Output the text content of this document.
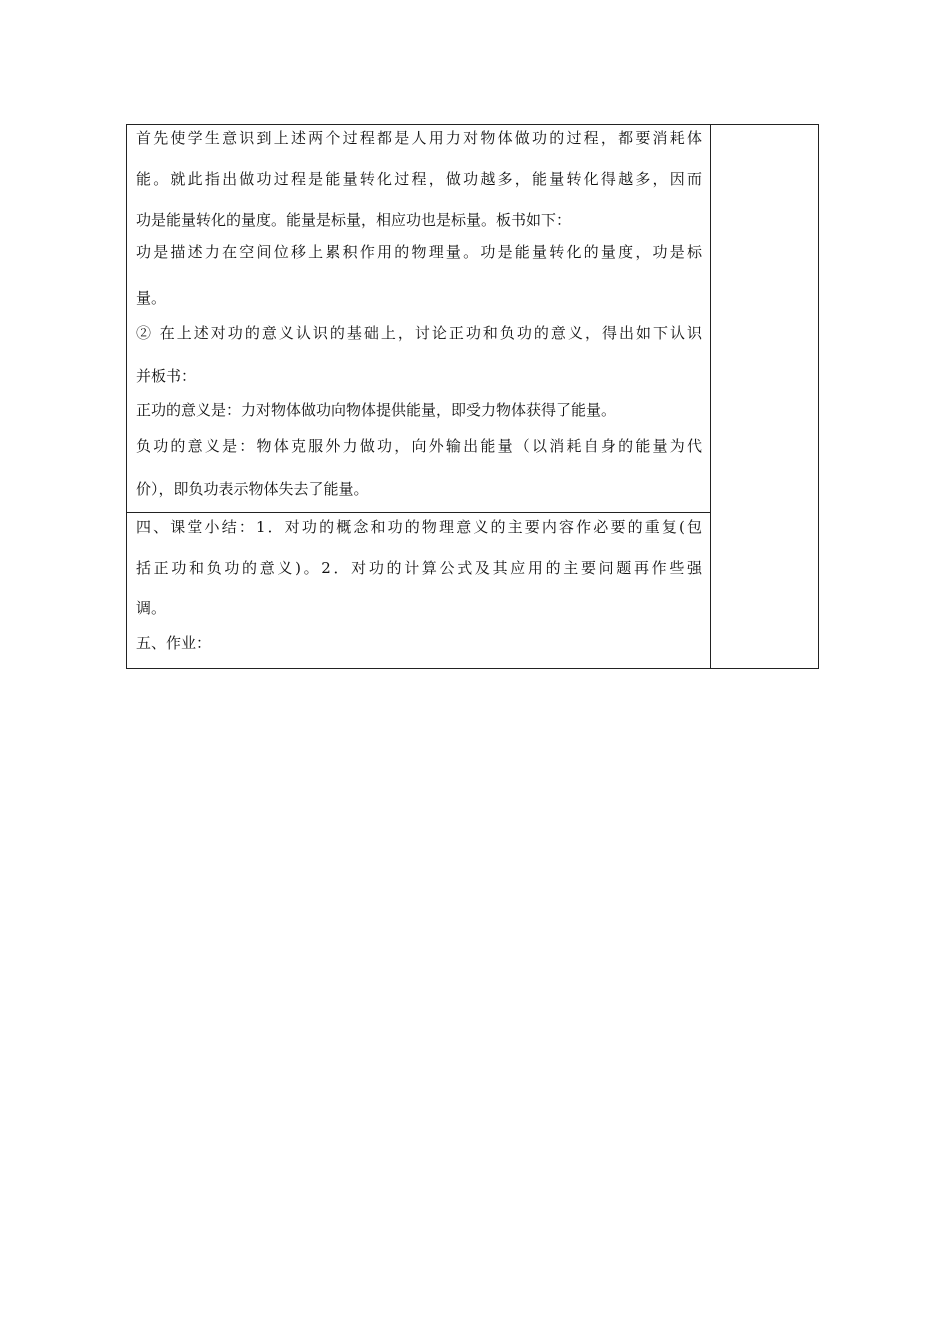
首先使学生意识到上述两个过程都是人用力对物体做功的过程，都要消耗体
能。就此指出做功过程是能量转化过程，做功越多，能量转化得越多，因而
功是能量转化的量度。能量是标量，相应功也是标量。板书如下：
功是描述力在空间位移上累积作用的物理量。功是能量转化的量度，功是标
量。
② 在上述对功的意义认识的基础上，讨论正功和负功的意义，得出如下认识
并板书：
正功的意义是：力对物体做功向物体提供能量，即受力物体获得了能量。
负功的意义是：物体克服外力做功，向外输出能量（以消耗自身的能量为代
价），即负功表示物体失去了能量。
四、课堂小结：1．对功的概念和功的物理意义的主要内容作必要的重复(包
括正功和负功的意义)。2．对功的计算公式及其应用的主要问题再作些强
调。
五、作业：
